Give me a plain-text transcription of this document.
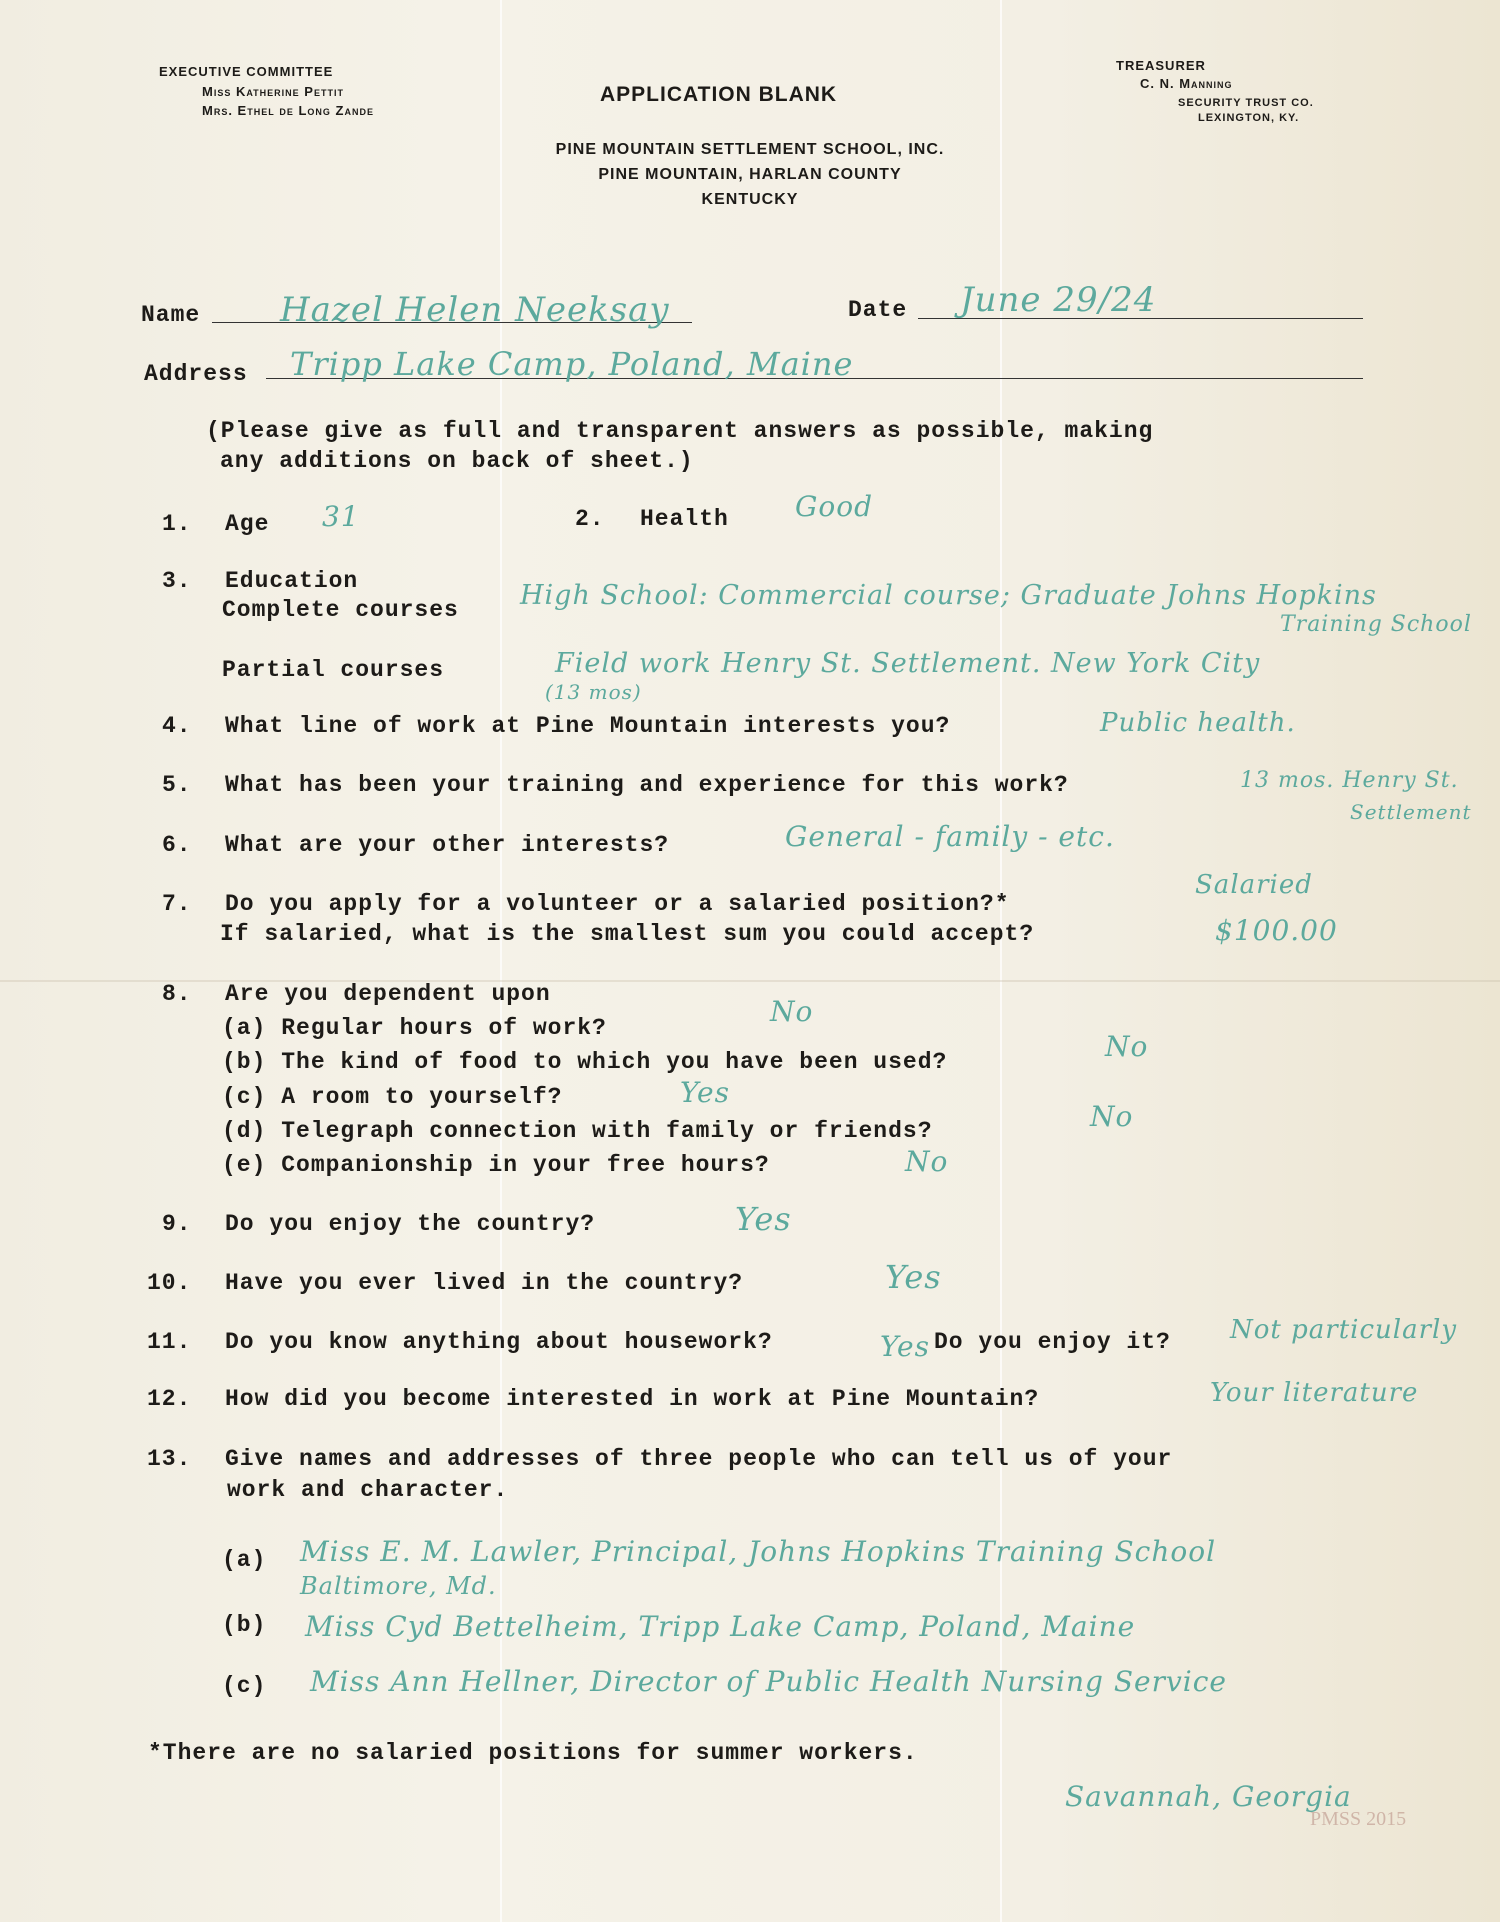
EXECUTIVE COMMITTEE
Miss Katherine Pettit
Mrs. Ethel de Long Zande
APPLICATION BLANK
TREASURER
C. N. Manning
SECURITY TRUST CO.
LEXINGTON, KY.
PINE MOUNTAIN SETTLEMENT SCHOOL, INC.
PINE MOUNTAIN, HARLAN COUNTY
KENTUCKY
Name Hazel Helen Neeksay	Date June 29/24
Address Tripp Lake Camp, Poland, Maine
(Please give as full and transparent answers as possible, making
any additions on back of sheet.)
1. Age 31	2. Health Good
3. Education
Complete courses High School: Commercial course; Graduate Johns Hopkins
Training School
Partial courses	Field work Henry St. Settlement. New York City
(13 mos)
4. What line of work at Pine Mountain interests you?	Public health.
5. What has been your training and experience for this work?	13 mos. Henry St.
Settlement
6. What are your other interests?	General - family - etc.
7. Do you apply for a volunteer or a salaried position?*
Salaried
If salaried, what is the smallest sum you could accept?	$100.00
8. Are you dependent upon
(a) Regular hours of work?	No
(b) The kind of food to which you have been used?	No
(c) A room to yourself?	Yes
(d) Telegraph connection with family or friends?	No
(e) Companionship in your free hours?	No
9. Do you enjoy the country?	Yes
10. Have you ever lived in the country?	Yes
11. Do you know anything about housework?	Yes Do you enjoy it? Not particularly
12. How did you become interested in work at Pine Mountain?	Your literature
13. Give names and addresses of three people who can tell us of your
work and character.
(a) Miss E. M. Lawler, Principal, Johns Hopkins Training School
Baltimore, Md.
(b) Miss Cyd Bettelheim, Tripp Lake Camp, Poland, Maine
(c) Miss Ann Hellner, Director of Public Health Nursing Service
Savannah, Georgia
*There are no salaried positions for summer workers.
PMSS 2015
